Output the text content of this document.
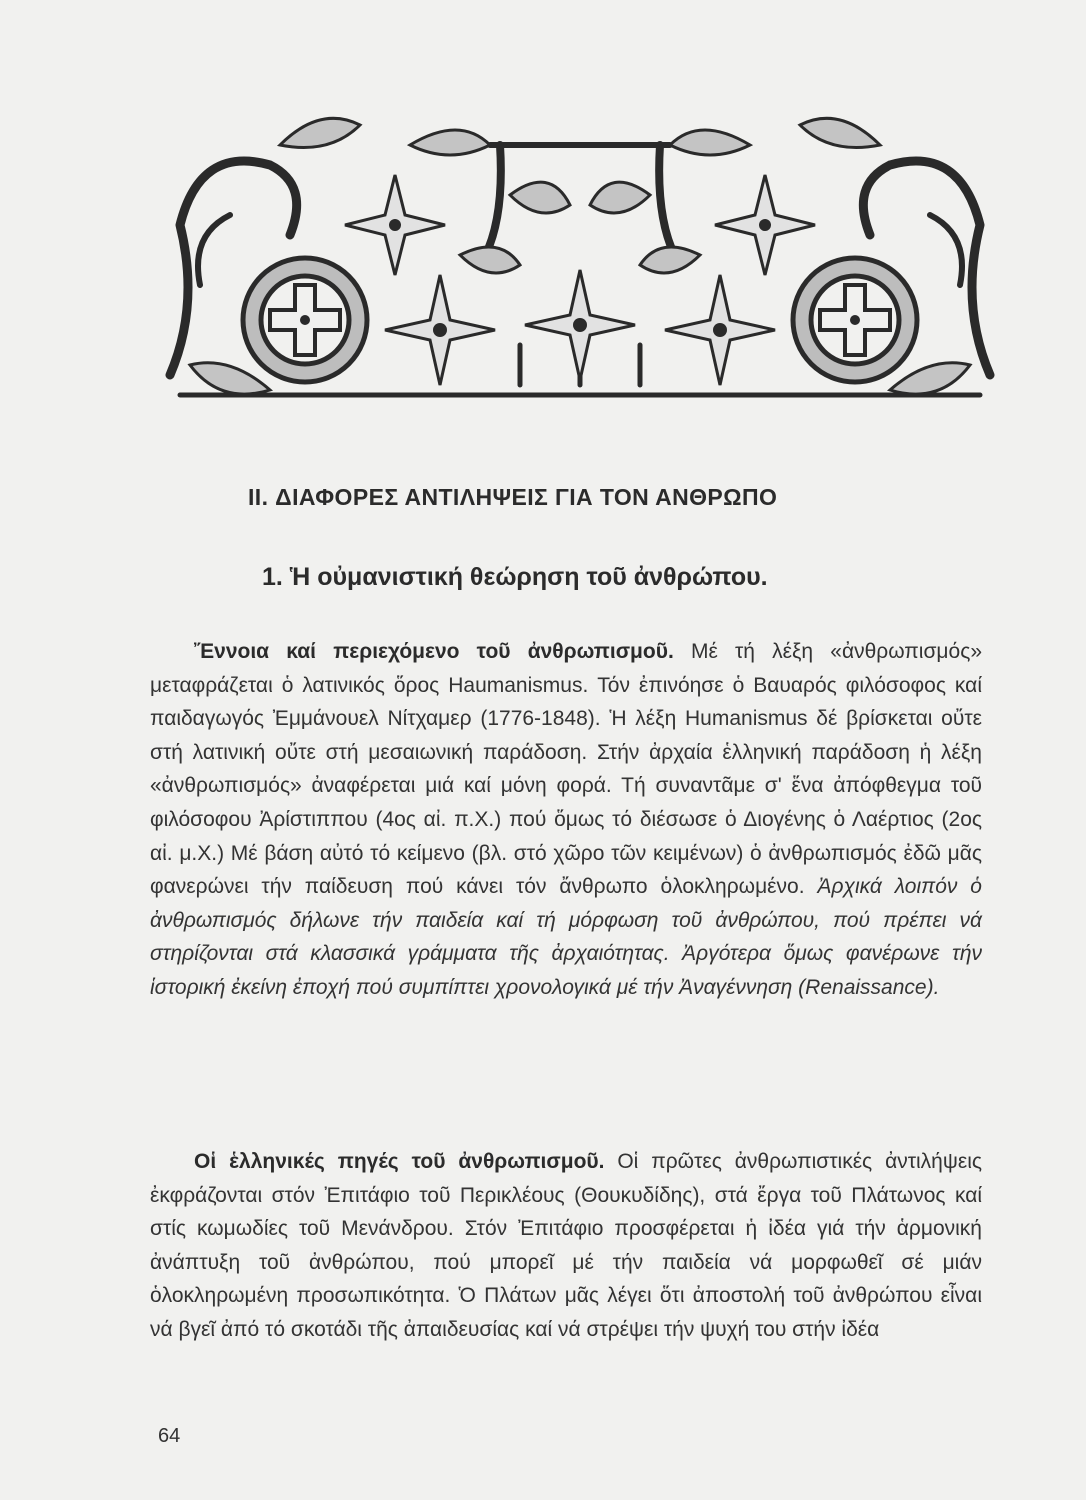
II. ΔΙΑΦΟΡΕΣ ΑΝΤΙΛΗΨΕΙΣ ΓΙΑ ΤΟΝ ΑΝΘΡΩΠΟ
1. Ἡ οὐμανιστική θεώρηση τοῦ ἀνθρώπου.
Ἔννοια καί περιεχόμενο τοῦ ἀνθρωπισμοῦ. Μέ τή λέξη «ἀνθρωπισμός» μεταφράζεται ὁ λατινικός ὅρος Haumanismus. Τόν ἐπινόησε ὁ Βαυαρός φιλόσοφος καί παιδαγωγός Ἐμμάνουελ Νίτχαμερ (1776-1848). Ἡ λέξη Humanismus δέ βρίσκεται οὔτε στή λατινική οὔτε στή μεσαιωνική παράδοση. Στήν ἀρχαία ἑλληνική παράδοση ἡ λέξη «ἀνθρωπισμός» ἀναφέρεται μιά καί μόνη φορά. Τή συναντᾶμε σ' ἕνα ἀπόφθεγμα τοῦ φιλόσοφου Ἀρίστιππου (4ος αἰ. π.Χ.) πού ὅμως τό διέσωσε ὁ Διογένης ὁ Λαέρτιος (2ος αἰ. μ.Χ.) Μέ βάση αὐτό τό κείμενο (βλ. στό χῶρο τῶν κειμένων) ὁ ἀνθρωπισμός ἐδῶ μᾶς φανερώνει τήν παίδευση πού κάνει τόν ἄνθρωπο ὁλοκληρωμένο. Ἀρχικά λοιπόν ὁ ἀνθρωπισμός δήλωνε τήν παιδεία καί τή μόρφωση τοῦ ἀνθρώπου, πού πρέπει νά στηρίζονται στά κλασσικά γράμματα τῆς ἀρχαιότητας. Ἀργότερα ὅμως φανέρωνε τήν ἱστορική ἐκείνη ἐποχή πού συμπίπτει χρονολογικά μέ τήν Ἀναγέννηση (Renaissance).
Οἱ ἑλληνικές πηγές τοῦ ἀνθρωπισμοῦ. Οἱ πρῶτες ἀνθρωπιστικές ἀντιλήψεις ἐκφράζονται στόν Ἐπιτάφιο τοῦ Περικλέους (Θουκυδίδης), στά ἔργα τοῦ Πλάτωνος καί στίς κωμωδίες τοῦ Μενάνδρου. Στόν Ἐπιτάφιο προσφέρεται ἡ ἰδέα γιά τήν ἁρμονική ἀνάπτυξη τοῦ ἀνθρώπου, πού μπορεῖ μέ τήν παιδεία νά μορφωθεῖ σέ μιάν ὁλοκληρωμένη προσωπικότητα. Ὁ Πλάτων μᾶς λέγει ὅτι ἀποστολή τοῦ ἀνθρώπου εἶναι νά βγεῖ ἀπό τό σκοτάδι τῆς ἀπαιδευσίας καί νά στρέψει τήν ψυχή του στήν ἰδέα
64
